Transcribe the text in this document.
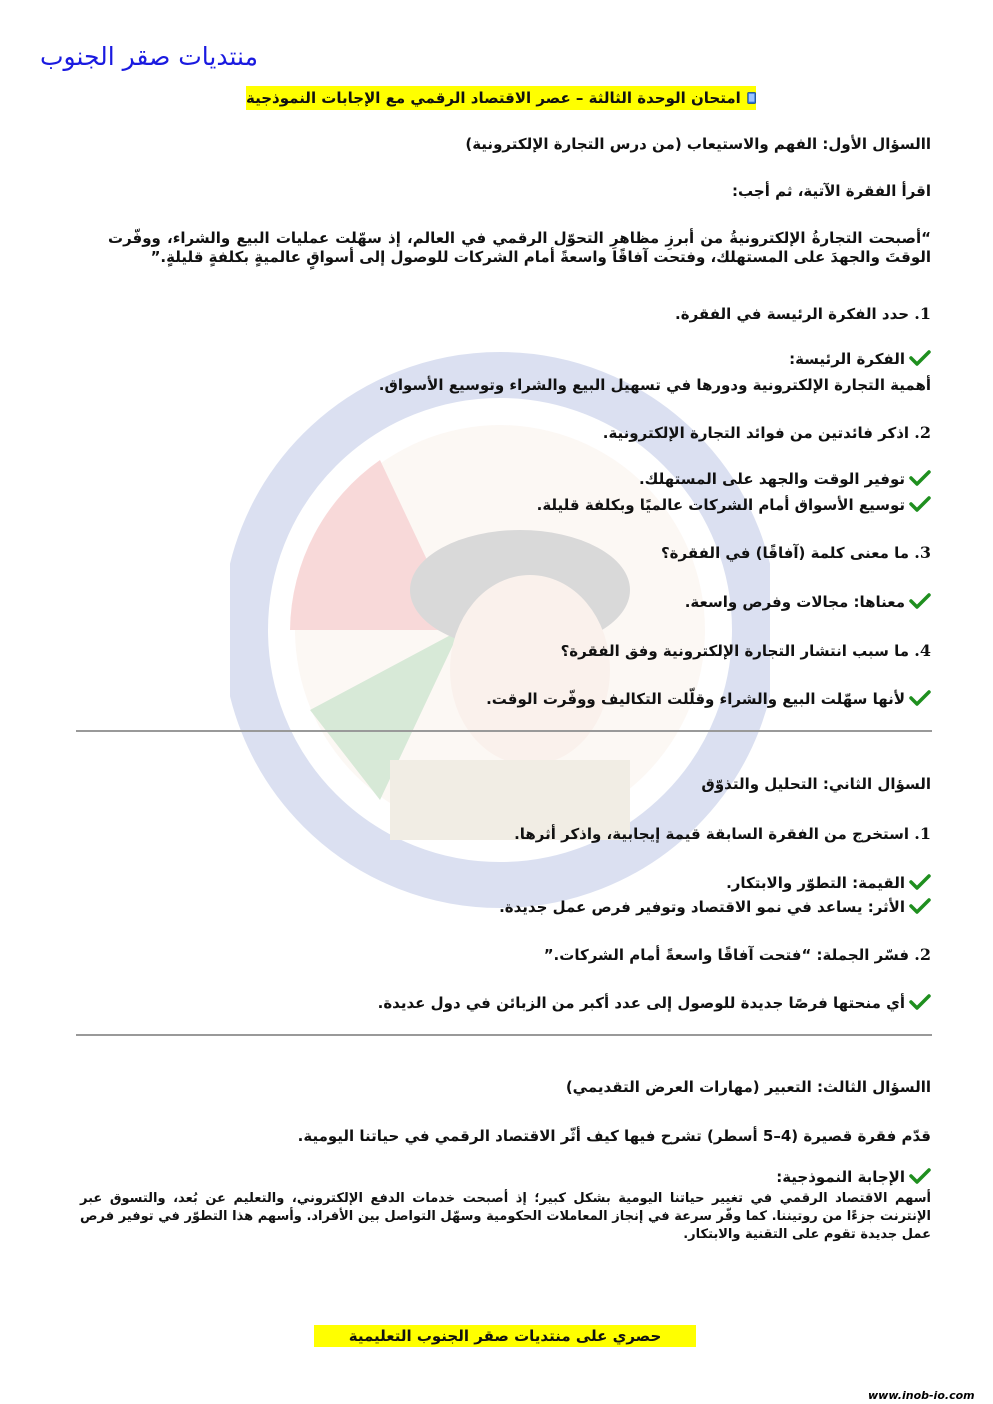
منتديات صقر الجنوب
امتحان الوحدة الثالثة – عصر الاقتصاد الرقمي مع الإجابات النموذجية
االسؤال الأول: الفهم والاستيعاب (من درس التجارة الإلكترونية)
اقرأ الفقرة الآتية، ثم أجب:
“أصبحت التجارةُ الإلكترونيةُ من أبرزِ مظاهرِ التحوّل الرقمي في العالم، إذ سهّلت عمليات البيع والشراء، ووفّرت الوقتَ والجهدَ على المستهلك، وفتحت آفاقًا واسعةً أمام الشركات للوصول إلى أسواقٍ عالميةٍ بكلفةٍ قليلةٍ.”
1. حدد الفكرة الرئيسة في الفقرة.
الفكرة الرئيسة:
أهمية التجارة الإلكترونية ودورها في تسهيل البيع والشراء وتوسيع الأسواق.
2. اذكر فائدتين من فوائد التجارة الإلكترونية.
توفير الوقت والجهد على المستهلك.
توسيع الأسواق أمام الشركات عالميًا وبكلفة قليلة.
3. ما معنى كلمة (آفاقًا) في الفقرة؟
معناها: مجالات وفرص واسعة.
4. ما سبب انتشار التجارة الإلكترونية وفق الفقرة؟
لأنها سهّلت البيع والشراء وقلّلت التكاليف ووفّرت الوقت.
السؤال الثاني: التحليل والتذوّق
1. استخرج من الفقرة السابقة قيمة إيجابية، واذكر أثرها.
القيمة: التطوّر والابتكار.
الأثر: يساعد في نمو الاقتصاد وتوفير فرص عمل جديدة.
2. فسّر الجملة: “فتحت آفاقًا واسعةً أمام الشركات.”
أي منحتها فرصًا جديدة للوصول إلى عدد أكبر من الزبائن في دول عديدة.
االسؤال الثالث: التعبير (مهارات العرض التقديمي)
قدّم فقرة قصيرة (4–5 أسطر) تشرح فيها كيف أثّر الاقتصاد الرقمي في حياتنا اليومية.
الإجابة النموذجية:
أسهم الاقتصاد الرقمي في تغيير حياتنا اليومية بشكل كبير؛ إذ أصبحت خدمات الدفع الإلكتروني، والتعليم عن بُعد، والتسوق عبر الإنترنت جزءًا من روتيننا. كما وفّر سرعة في إنجاز المعاملات الحكومية وسهّل التواصل بين الأفراد. وأسهم هذا التطوّر في توفير فرص عمل جديدة تقوم على التقنية والابتكار.
حصري على منتديات صقر الجنوب التعليمية
www.inob-io.com
